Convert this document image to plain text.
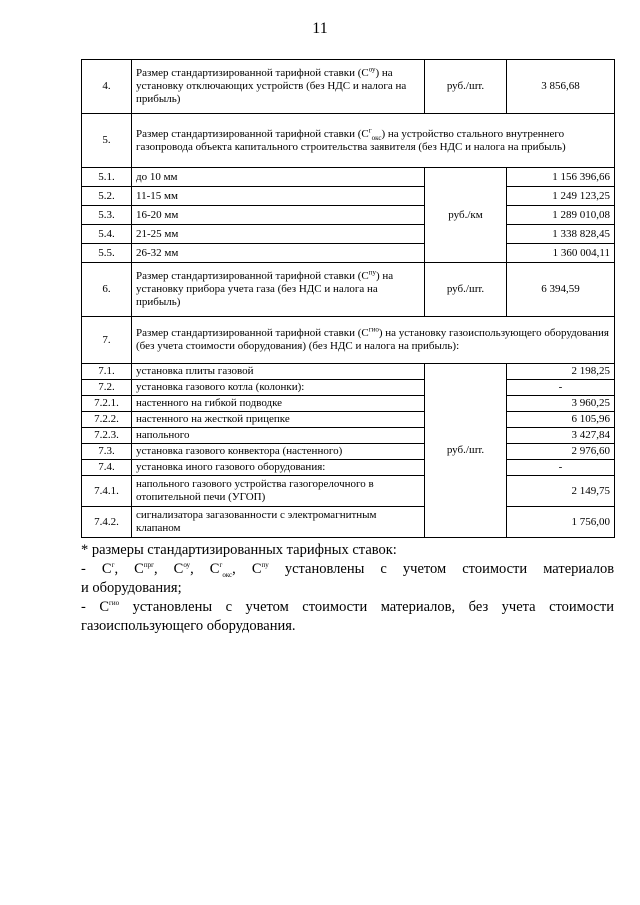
11
4.	Размер стандартизированной тарифной ставки $(С^{оу})$ на установку отключающих устройств (без НДС и налога на прибыль)	руб./шт.	3 856,68
5.	Размер стандартизированной тарифной ставки $(С^г_{окс})$ на устройство стального внутреннего газопровода объекта капитального строительства заявителя (без НДС и налога на прибыль)		
5.1.	до 10 мм	руб./км	1 156 396,66
5.2.	11-15 мм		1 249 123,25
5.3.	16-20 мм		1 289 010,08
5.4.	21-25 мм		1 338 828,45
5.5.	26-32 мм		1 360 004,11
6.	Размер стандартизированной тарифной ставки $(С^{пу})$ на установку прибора учета газа (без НДС и налога на прибыль)	руб./шт.	6 394,59
7.	Размер стандартизированной тарифной ставки $(С^{гио})$ на установку газоиспользующего оборудования (без учета стоимости оборудования) (без НДС и налога на прибыль):		
7.1.	установка плиты газовой	руб./шт.	2 198,25
7.2.	установка газового котла (колонки):		-
7.2.1.	настенного на гибкой подводке		3 960,25
7.2.2.	настенного на жесткой прицепке		6 105,96
7.2.3.	напольного		3 427,84
7.3.	установка газового конвектора (настенного)		2 976,60
7.4.	установка иного газового оборудования:		-
7.4.1.	напольного газового устройства газогорелочного в отопительной печи (УГОП)		2 149,75
7.4.2.	сигнализатора загазованности с электромагнитным клапаном		1 756,00

* размеры стандартизированных тарифных ставок:

- $С^г$, $С^{прг}$, $С^{оу}$, $С^г_{окс}$, $С^{пу}$ установлены с учетом стоимости материалов

и оборудования;

- $С^{гио}$ установлены с учетом стоимости материалов, без учета стоимости газоиспользующего оборудования.
